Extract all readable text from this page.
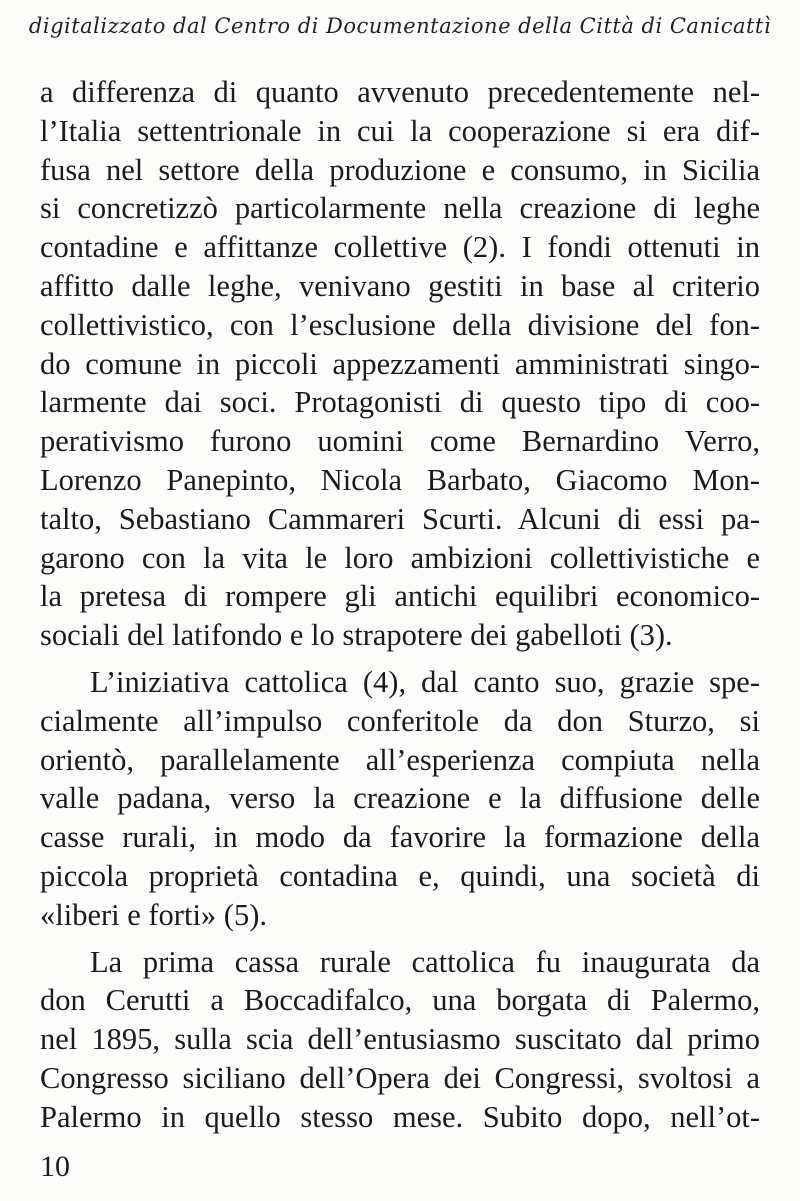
digitalizzato dal Centro di Documentazione della Città di Canicattì
a differenza di quanto avvenuto precedentemente nel-
l’Italia settentrionale in cui la cooperazione si era dif-
fusa nel settore della produzione e consumo, in Sicilia
si concretizzò particolarmente nella creazione di leghe
contadine e affittanze collettive (2). I fondi ottenuti in
affitto dalle leghe, venivano gestiti in base al criterio
collettivistico, con l’esclusione della divisione del fon-
do comune in piccoli appezzamenti amministrati singo-
larmente dai soci. Protagonisti di questo tipo di coo-
perativismo furono uomini come Bernardino Verro,
Lorenzo Panepinto, Nicola Barbato, Giacomo Mon-
talto, Sebastiano Cammareri Scurti. Alcuni di essi pa-
garono con la vita le loro ambizioni collettivistiche e
la pretesa di rompere gli antichi equilibri economico-
sociali del latifondo e lo strapotere dei gabelloti (3).
L’iniziativa cattolica (4), dal canto suo, grazie spe-
cialmente all’impulso conferitole da don Sturzo, si
orientò, parallelamente all’esperienza compiuta nella
valle padana, verso la creazione e la diffusione delle
casse rurali, in modo da favorire la formazione della
piccola proprietà contadina e, quindi, una società di
«liberi e forti» (5).
La prima cassa rurale cattolica fu inaugurata da
don Cerutti a Boccadifalco, una borgata di Palermo,
nel 1895, sulla scia dell’entusiasmo suscitato dal primo
Congresso siciliano dell’Opera dei Congressi, svoltosi a
Palermo in quello stesso mese. Subito dopo, nell’ot-
10
